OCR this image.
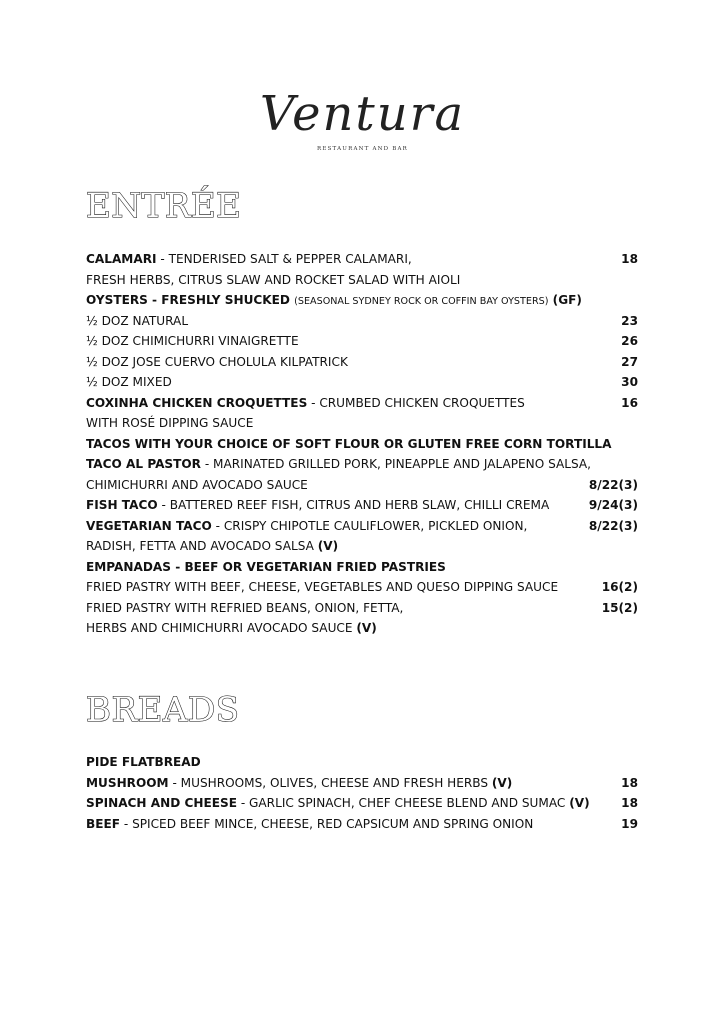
Ventura
RESTAURANT AND BAR
ENTRÉE
CALAMARI - TENDERISED SALT & PEPPER CALAMARI,	18
FRESH HERBS, CITRUS SLAW AND ROCKET SALAD WITH AIOLI
OYSTERS - FRESHLY SHUCKED (SEASONAL SYDNEY ROCK OR COFFIN BAY OYSTERS) (GF)
½ DOZ NATURAL	23
½ DOZ CHIMICHURRI VINAIGRETTE	26
½ DOZ JOSE CUERVO CHOLULA KILPATRICK	27
½ DOZ MIXED	30
COXINHA CHICKEN CROQUETTES - CRUMBED CHICKEN CROQUETTES	16
WITH ROSÉ DIPPING SAUCE
TACOS WITH YOUR CHOICE OF SOFT FLOUR OR GLUTEN FREE CORN TORTILLA
TACO AL PASTOR - MARINATED GRILLED PORK, PINEAPPLE AND JALAPENO SALSA,
CHIMICHURRI AND AVOCADO SAUCE	8/22(3)
FISH TACO - BATTERED REEF FISH, CITRUS AND HERB SLAW, CHILLI CREMA	9/24(3)
VEGETARIAN TACO - CRISPY CHIPOTLE CAULIFLOWER, PICKLED ONION,	8/22(3)
RADISH, FETTA AND AVOCADO SALSA (V)
EMPANADAS - BEEF OR VEGETARIAN FRIED PASTRIES
FRIED PASTRY WITH BEEF, CHEESE, VEGETABLES AND QUESO DIPPING SAUCE	16(2)
FRIED PASTRY WITH REFRIED BEANS, ONION, FETTA,	15(2)
HERBS AND CHIMICHURRI AVOCADO SAUCE (V)
BREADS
PIDE FLATBREAD
MUSHROOM - MUSHROOMS, OLIVES, CHEESE AND FRESH HERBS (V)	18
SPINACH AND CHEESE - GARLIC SPINACH, CHEF CHEESE BLEND AND SUMAC (V)	18
BEEF - SPICED BEEF MINCE, CHEESE, RED CAPSICUM AND SPRING ONION	19
